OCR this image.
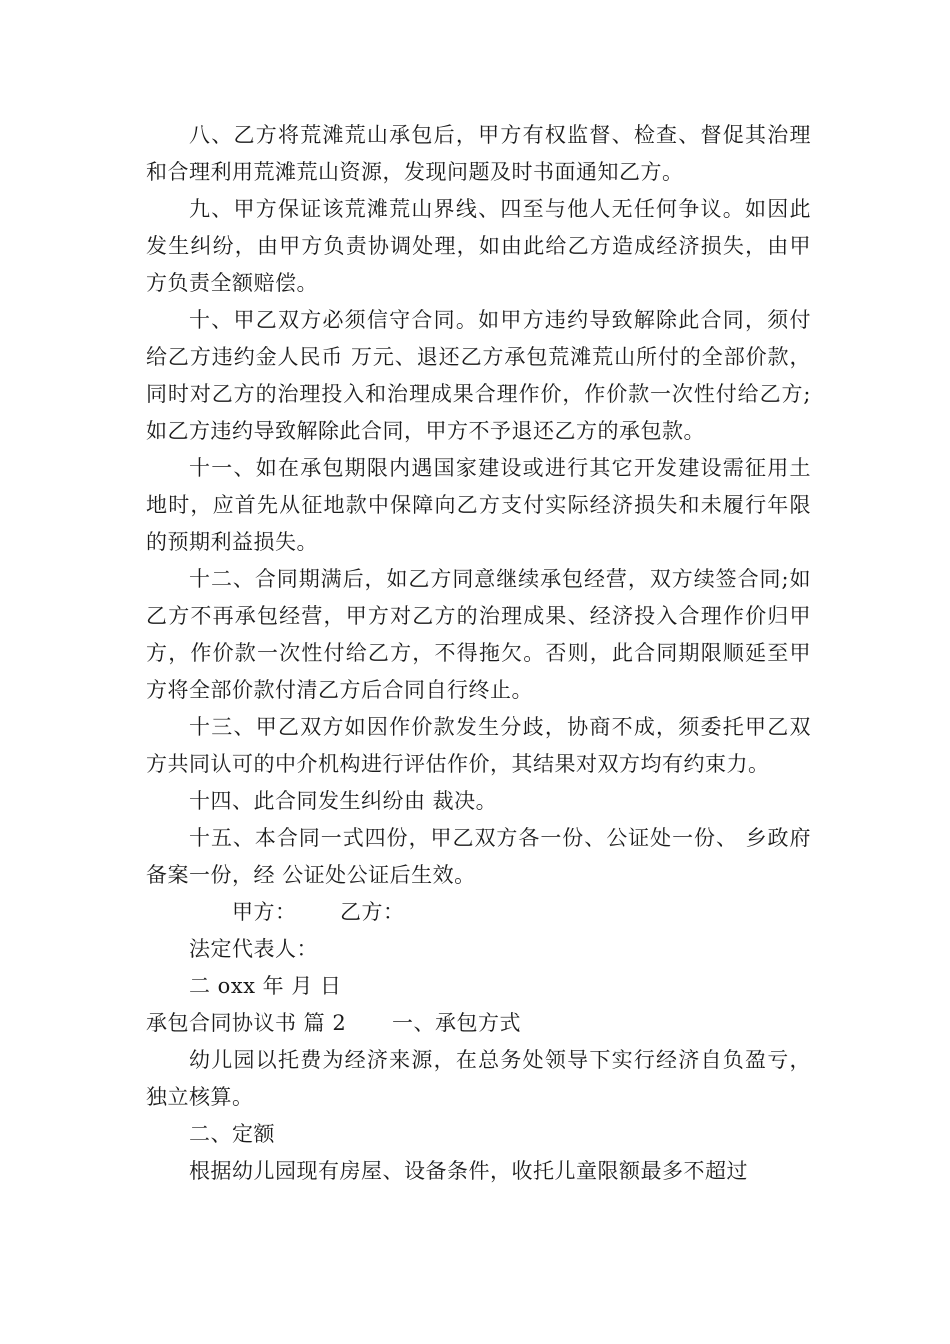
八、乙方将荒滩荒山承包后，甲方有权监督、检查、督促其治理和合理利用荒滩荒山资源，发现问题及时书面通知乙方。

九、甲方保证该荒滩荒山界线、四至与他人无任何争议。如因此发生纠纷，由甲方负责协调处理，如由此给乙方造成经济损失，由甲方负责全额赔偿。

十、甲乙双方必须信守合同。如甲方违约导致解除此合同，须付给乙方违约金人民币 万元、退还乙方承包荒滩荒山所付的全部价款，同时对乙方的治理投入和治理成果合理作价，作价款一次性付给乙方;如乙方违约导致解除此合同，甲方不予退还乙方的承包款。

十一、如在承包期限内遇国家建设或进行其它开发建设需征用土地时，应首先从征地款中保障向乙方支付实际经济损失和未履行年限的预期利益损失。

十二、合同期满后，如乙方同意继续承包经营，双方续签合同;如乙方不再承包经营，甲方对乙方的治理成果、经济投入合理作价归甲方，作价款一次性付给乙方，不得拖欠。否则，此合同期限顺延至甲方将全部价款付清乙方后合同自行终止。

十三、甲乙双方如因作价款发生分歧，协商不成，须委托甲乙双方共同认可的中介机构进行评估作价，其结果对双方均有约束力。

十四、此合同发生纠纷由 裁决。

十五、本合同一式四份，甲乙双方各一份、公证处一份、 乡政府备案一份，经 公证处公证后生效。

甲方： 乙方：

法定代表人：

二 oxx 年 月 日

承包合同协议书 篇 2	一、承包方式

幼儿园以托费为经济来源，在总务处领导下实行经济自负盈亏，独立核算。

二、定额

根据幼儿园现有房屋、设备条件，收托儿童限额最多不超过
